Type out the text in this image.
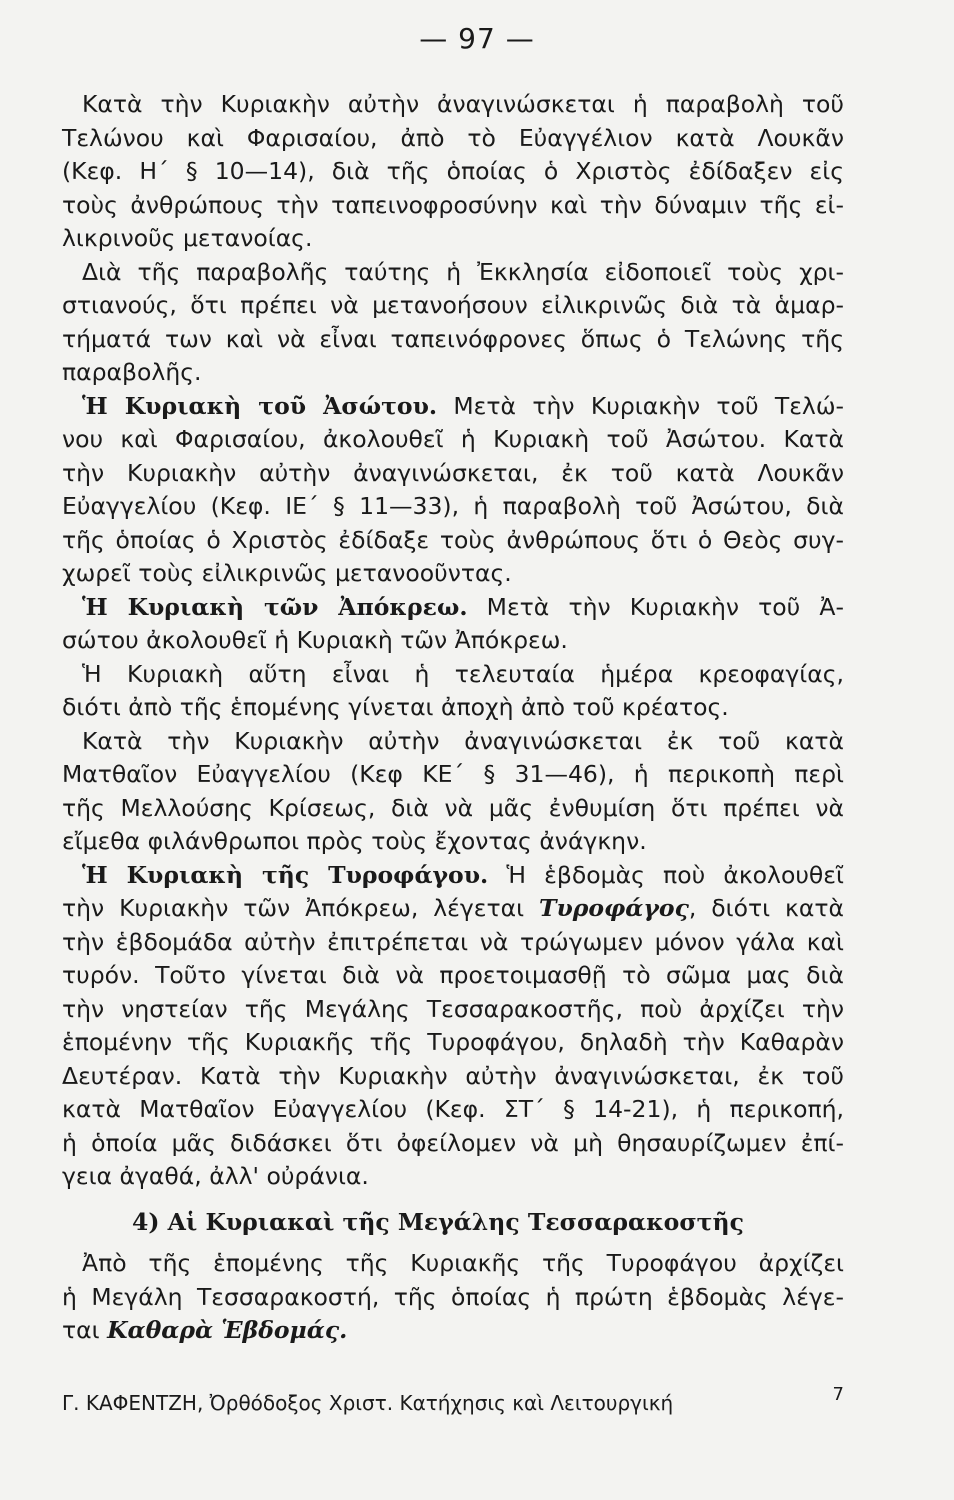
— 97 —
Κατὰ τὴν Κυριακὴν αὐτὴν ἀναγινώσκεται ἡ παραβολὴ τοῦ
Τελώνου καὶ Φαρισαίου, ἀπὸ τὸ Εὐαγγέλιον κατὰ Λουκᾶν
(Κεφ. Η΄ § 10—14), διὰ τῆς ὁποίας ὁ Χριστὸς ἐδίδαξεν εἰς
τοὺς ἀνθρώπους τὴν ταπεινοφροσύνην καὶ τὴν δύναμιν τῆς εἰ-
λικρινοῦς μετανοίας.
Διὰ τῆς παραβολῆς ταύτης ἡ Ἐκκλησία εἰδοποιεῖ τοὺς χρι-
στιανούς, ὅτι πρέπει νὰ μετανοήσουν εἰλικρινῶς διὰ τὰ ἁμαρ-
τήματά των καὶ νὰ εἶναι ταπεινόφρονες ὅπως ὁ Τελώνης τῆς
παραβολῆς.
Ἡ Κυριακὴ τοῦ Ἀσώτου. Μετὰ τὴν Κυριακὴν τοῦ Τελώ-
νου καὶ Φαρισαίου, ἀκολουθεῖ ἡ Κυριακὴ τοῦ Ἀσώτου. Κατὰ
τὴν Κυριακὴν αὐτὴν ἀναγινώσκεται, ἐκ τοῦ κατὰ Λουκᾶν
Εὐαγγελίου (Κεφ. ΙΕ΄ § 11—33), ἡ παραβολὴ τοῦ Ἀσώτου, διὰ
τῆς ὁποίας ὁ Χριστὸς ἐδίδαξε τοὺς ἀνθρώπους ὅτι ὁ Θεὸς συγ-
χωρεῖ τοὺς εἰλικρινῶς μετανοοῦντας.
Ἡ Κυριακὴ τῶν Ἀπόκρεω. Μετὰ τὴν Κυριακὴν τοῦ Ἀ-
σώτου ἀκολουθεῖ ἡ Κυριακὴ τῶν Ἀπόκρεω.
Ἡ Κυριακὴ αὕτη εἶναι ἡ τελευταία ἡμέρα κρεοφαγίας,
διότι ἀπὸ τῆς ἑπομένης γίνεται ἀποχὴ ἀπὸ τοῦ κρέατος.
Κατὰ τὴν Κυριακὴν αὐτὴν ἀναγινώσκεται ἐκ τοῦ κατὰ
Ματθαῖον Εὐαγγελίου (Κεφ ΚΕ΄ § 31—46), ἡ περικοπὴ περὶ
τῆς Μελλούσης Κρίσεως, διὰ νὰ μᾶς ἐνθυμίση ὅτι πρέπει νὰ
εἴμεθα φιλάνθρωποι πρὸς τοὺς ἔχοντας ἀνάγκην.
Ἡ Κυριακὴ τῆς Τυροφάγου. Ἡ ἑβδομὰς ποὺ ἀκολουθεῖ
τὴν Κυριακὴν τῶν Ἀπόκρεω, λέγεται Τυροφάγος, διότι κατὰ
τὴν ἑβδομάδα αὐτὴν ἐπιτρέπεται νὰ τρώγωμεν μόνον γάλα καὶ
τυρόν. Τοῦτο γίνεται διὰ νὰ προετοιμασθῇ τὸ σῶμα μας διὰ
τὴν νηστείαν τῆς Μεγάλης Τεσσαρακοστῆς, ποὺ ἀρχίζει τὴν
ἑπομένην τῆς Κυριακῆς τῆς Τυροφάγου, δηλαδὴ τὴν Καθαρὰν
Δευτέραν. Κατὰ τὴν Κυριακὴν αὐτὴν ἀναγινώσκεται, ἐκ τοῦ
κατὰ Ματθαῖον Εὐαγγελίου (Κεφ. ΣΤ΄ § 14-21), ἡ περικοπή,
ἡ ὁποία μᾶς διδάσκει ὅτι ὀφείλομεν νὰ μὴ θησαυρίζωμεν ἐπί-
γεια ἀγαθά, ἀλλ' οὐράνια.
4) Αἱ Κυριακαὶ τῆς Μεγάλης Τεσσαρακοστῆς
Ἀπὸ τῆς ἑπομένης τῆς Κυριακῆς τῆς Τυροφάγου ἀρχίζει
ἡ Μεγάλη Τεσσαρακοστή, τῆς ὁποίας ἡ πρώτη ἑβδομὰς λέγε-
ται Καθαρὰ Ἑβδομάς.
Γ. ΚΑΦΕΝΤΖΗ, Ὀρθόδοξος Χριστ. Κατήχησις καὶ Λειτουργική	7
